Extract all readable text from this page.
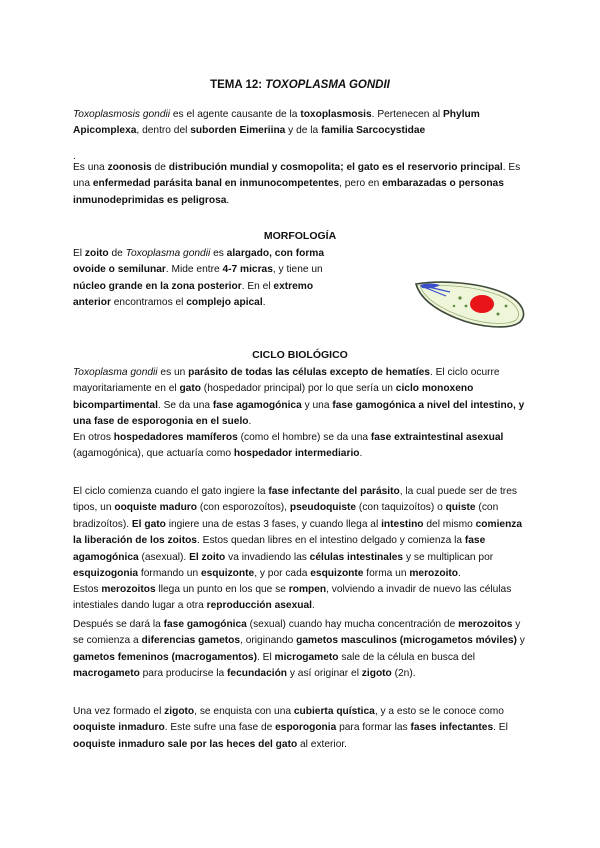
TEMA 12: TOXOPLASMA GONDII

Toxoplasmosis gondii es el agente causante de la toxoplasmosis. Pertenecen al Phylum Apicomplexa, dentro del suborden Eimeriina y de la familia Sarcocystidae

.

Es una zoonosis de distribución mundial y cosmopolita; el gato es el reservorio principal. Es una enfermedad parásita banal en inmunocompetentes, pero en embarazadas o personas inmunodeprimidas es peligrosa.

MORFOLOGÍA

El zoito de Toxoplasma gondii es alargado, con forma ovoide o semilunar. Mide entre 4-7 micras, y tiene un núcleo grande en la zona posterior. En el extremo anterior encontramos el complejo apical.

CICLO BIOLÓGICO

Toxoplasma gondii es un parásito de todas las células excepto de hematíes. El ciclo ocurre mayoritariamente en el gato (hospedador principal) por lo que sería un ciclo monoxeno bicompartimental. Se da una fase agamogónica y una fase gamogónica a nivel del intestino, y una fase de esporogonia en el suelo.

En otros hospedadores mamíferos (como el hombre) se da una fase extraintestinal asexual (agamogónica), que actuaría como hospedador intermediario.

El ciclo comienza cuando el gato ingiere la fase infectante del parásito, la cual puede ser de tres tipos, un ooquiste maduro (con esporozoítos), pseudoquiste (con taquizoítos) o quiste (con bradizoítos). El gato ingiere una de estas 3 fases, y cuando llega al intestino del mismo comienza la liberación de los zoitos. Estos quedan libres en el intestino delgado y comienza la fase agamogónica (asexual). El zoito va invadiendo las células intestinales y se multiplican por esquizogonia formando un esquizonte, y por cada esquizonte forma un merozoito.

Estos merozoitos llega un punto en los que se rompen, volviendo a invadir de nuevo las células intestiales dando lugar a otra reproducción asexual.

Después se dará la fase gamogónica (sexual) cuando hay mucha concentración de merozoitos y se comienza a diferencias gametos, originando gametos masculinos (microgametos móviles) y gametos femeninos (macrogamentos). El microgameto sale de la célula en busca del macrogameto para producirse la fecundación y así originar el zigoto (2n).

Una vez formado el zigoto, se enquista con una cubierta quística, y a esto se le conoce como ooquiste inmaduro. Este sufre una fase de esporogonia para formar las fases infectantes. El ooquiste inmaduro sale por las heces del gato al exterior.
